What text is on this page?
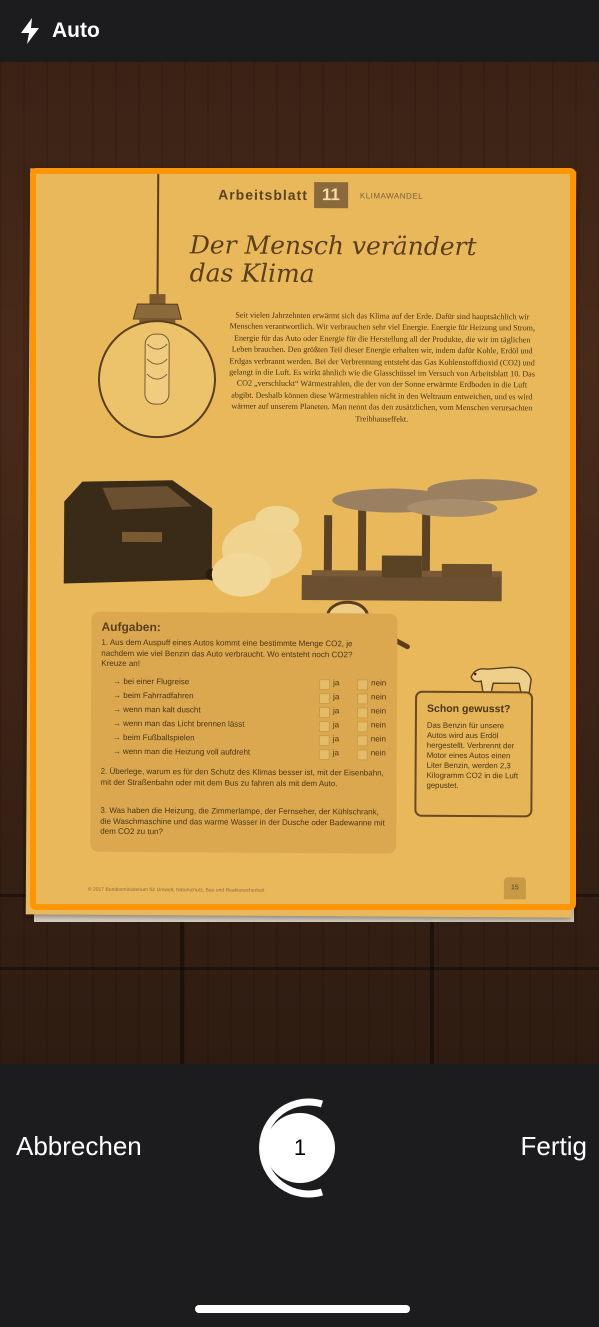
Auto
Arbeitsblatt 11	KLIMAWANDEL
Der Mensch verändert
das Klima
Seit vielen Jahrzehnten erwärmt sich das Klima auf der Erde. Dafür sind hauptsächlich wir Menschen verantwortlich. Wir verbrauchen sehr viel Energie. Energie für Heizung und Strom, Energie für das Auto oder Energie für die Herstellung all der Produkte, die wir im täglichen Leben brauchen. Den größten Teil dieser Energie erhalten wir, indem dafür Kohle, Erdöl und Erdgas verbrannt werden. Bei der Verbrennung entsteht das Gas Kohlenstoffdioxid (CO2) und gelangt in die Luft. Es wirkt ähnlich wie die Glasschüssel im Versuch von Arbeitsblatt 10. Das CO2 „verschluckt“ Wärmestrahlen, die der von der Sonne erwärmte Erdboden in die Luft abgibt. Deshalb können diese Wärmestrahlen nicht in den Weltraum entweichen, und es wird wärmer auf unserem Planeten. Man nennt das den zusätzlichen, vom Menschen verursachten Treibhauseffekt.
Aufgaben:
1. Aus dem Auspuff eines Autos kommt eine bestimmte Menge CO2, je nachdem wie viel Benzin das Auto verbraucht. Wo entsteht noch CO2? Kreuze an!
→ bei einer Flugreise	ja	nein
→ beim Fahrradfahren	ja	nein
→ wenn man kalt duscht	ja	nein
→ wenn man das Licht brennen lässt	ja	nein
→ beim Fußballspielen	ja	nein
→ wenn man die Heizung voll aufdreht	ja	nein
2. Überlege, warum es für den Schutz des Klimas besser ist, mit der Eisenbahn, mit der Straßenbahn oder mit dem Bus zu fahren als mit dem Auto.
3. Was haben die Heizung, die Zimmerlampe, der Fernseher, der Kühlschrank, die Waschmaschine und das warme Wasser in der Dusche oder Badewanne mit dem CO2 zu tun?
Schon gewusst?

Das Benzin für unsere Autos wird aus Erdöl hergestellt. Verbrennt der Motor eines Autos einen Liter Benzin, werden 2,3 Kilogramm CO2 in die Luft gepustet.

© 2017 Bundesministerium für Umwelt, Naturschutz, Bau und Reaktorsicherheit	15
Abbrechen	1	Fertig
